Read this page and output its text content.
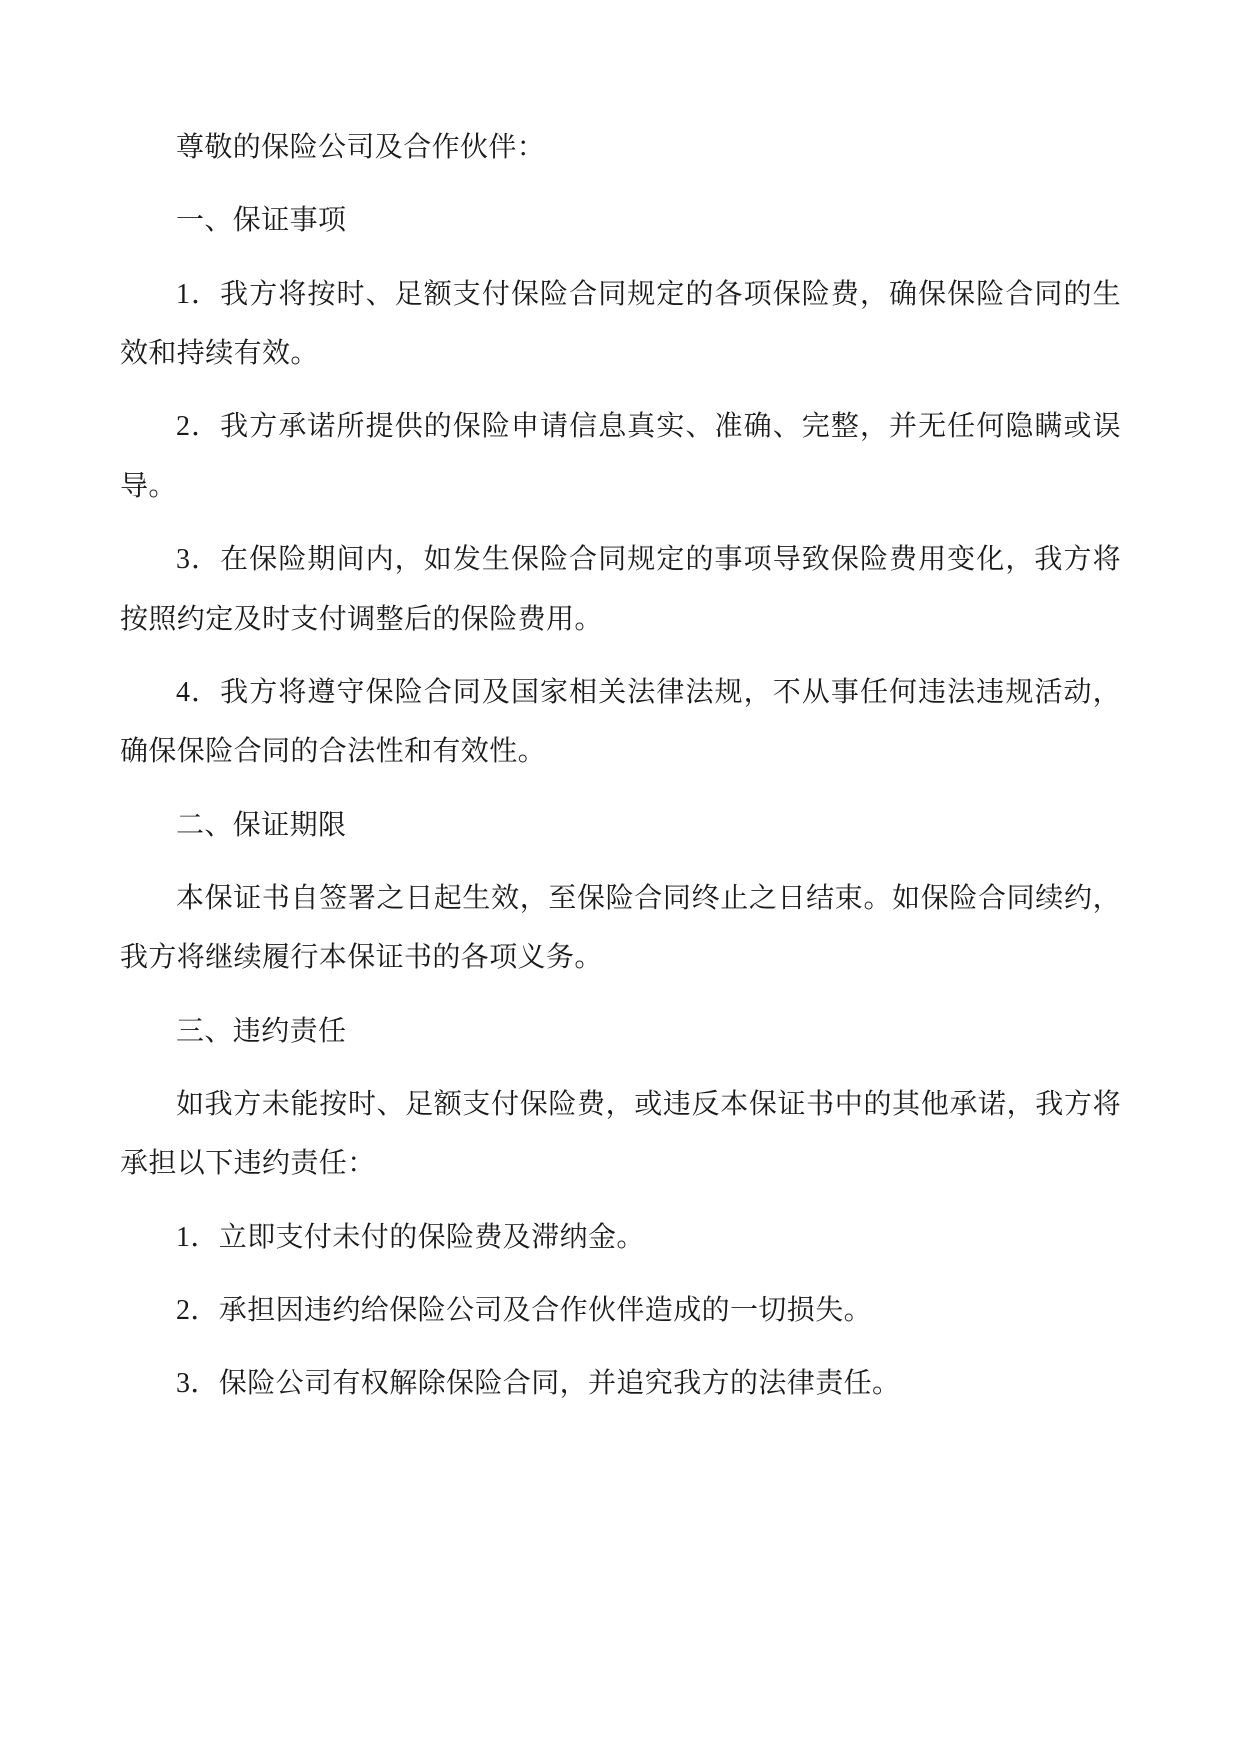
尊敬的保险公司及合作伙伴：

一、保证事项

1．我方将按时、足额支付保险合同规定的各项保险费，确保保险合同的生效和持续有效。

2．我方承诺所提供的保险申请信息真实、准确、完整，并无任何隐瞒或误导。

3．在保险期间内，如发生保险合同规定的事项导致保险费用变化，我方将按照约定及时支付调整后的保险费用。

4．我方将遵守保险合同及国家相关法律法规，不从事任何违法违规活动，确保保险合同的合法性和有效性。

二、保证期限

本保证书自签署之日起生效，至保险合同终止之日结束。如保险合同续约，我方将继续履行本保证书的各项义务。

三、违约责任

如我方未能按时、足额支付保险费，或违反本保证书中的其他承诺，我方将承担以下违约责任：

1．立即支付未付的保险费及滞纳金。

2．承担因违约给保险公司及合作伙伴造成的一切损失。

3．保险公司有权解除保险合同，并追究我方的法律责任。
